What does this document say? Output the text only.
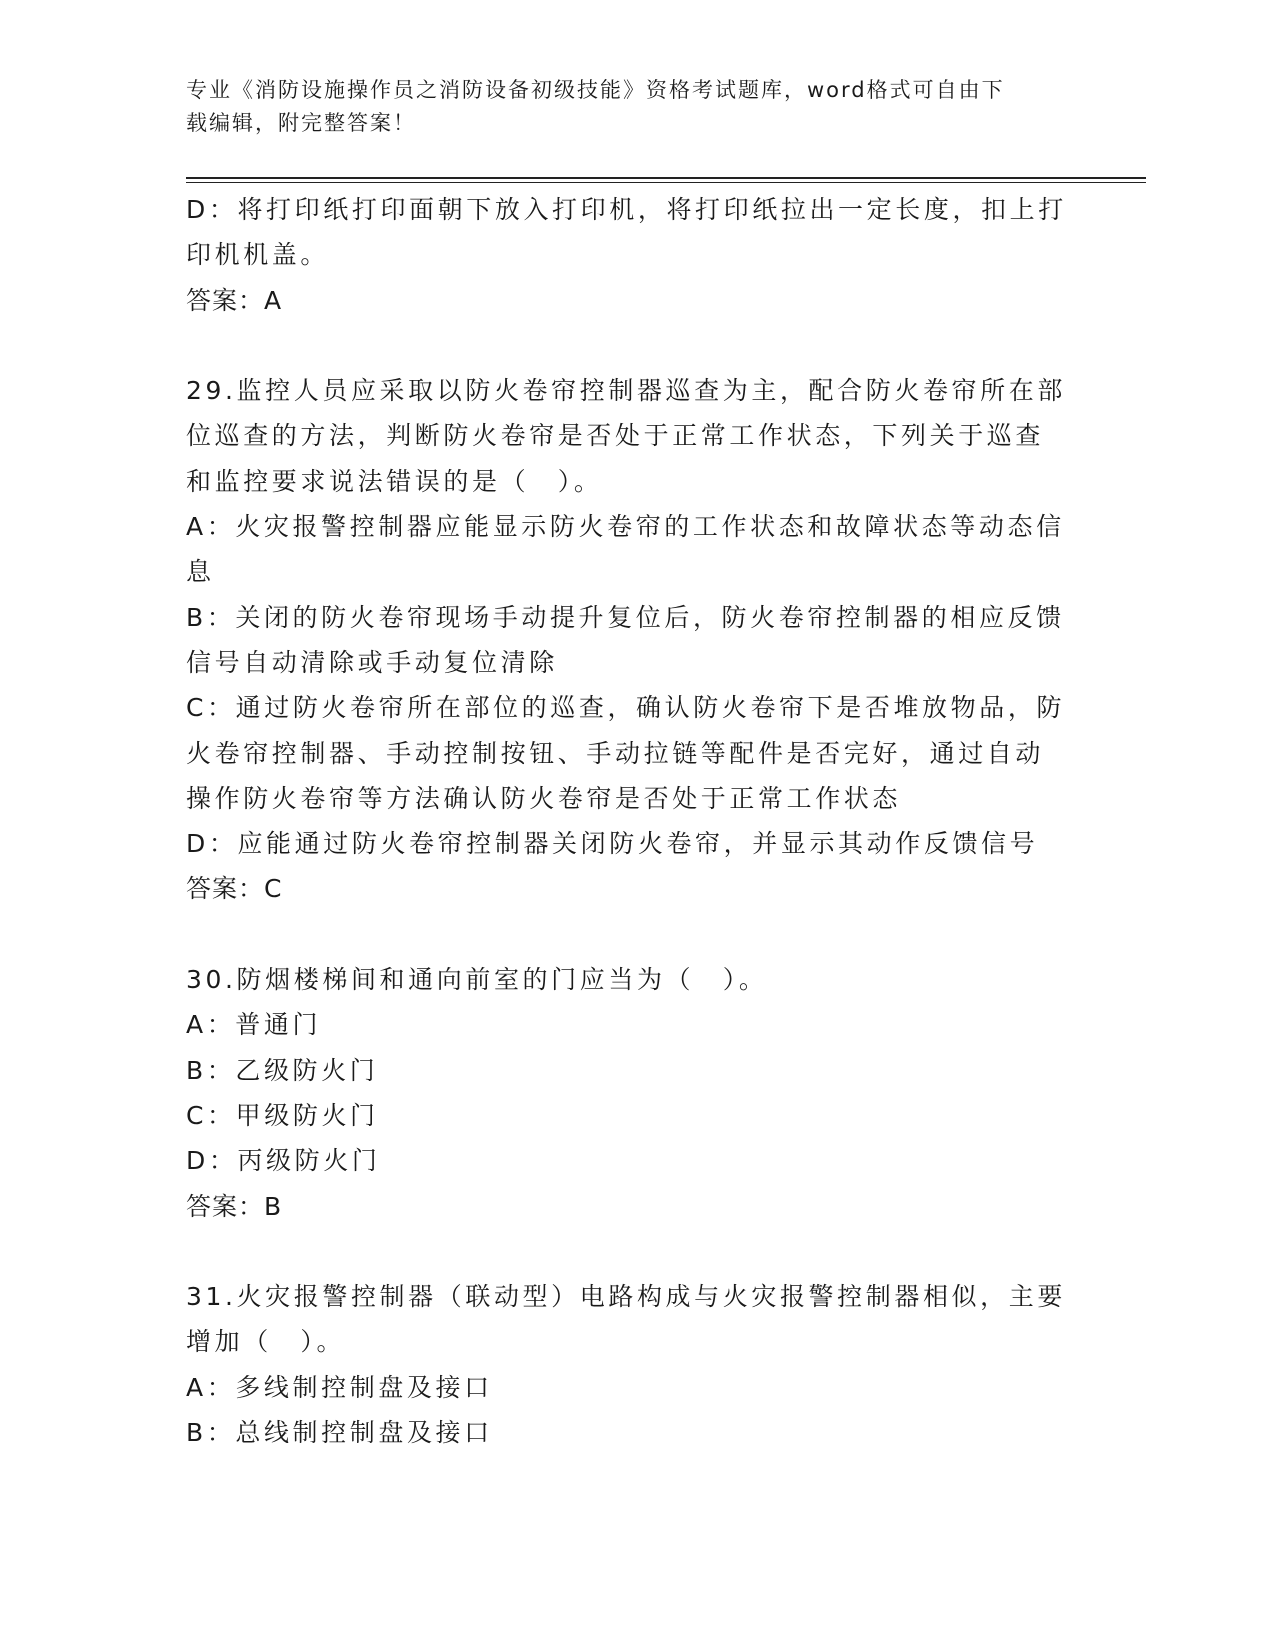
专业《消防设施操作员之消防设备初级技能》资格考试题库，word格式可自由下
载编辑，附完整答案！
D：将打印纸打印面朝下放入打印机，将打印纸拉出一定长度，扣上打
印机机盖。
答案：A
29.监控人员应采取以防火卷帘控制器巡查为主，配合防火卷帘所在部
位巡查的方法，判断防火卷帘是否处于正常工作状态，下列关于巡查
和监控要求说法错误的是（　）。
A：火灾报警控制器应能显示防火卷帘的工作状态和故障状态等动态信
息
B：关闭的防火卷帘现场手动提升复位后，防火卷帘控制器的相应反馈
信号自动清除或手动复位清除
C：通过防火卷帘所在部位的巡查，确认防火卷帘下是否堆放物品，防
火卷帘控制器、手动控制按钮、手动拉链等配件是否完好，通过自动
操作防火卷帘等方法确认防火卷帘是否处于正常工作状态
D：应能通过防火卷帘控制器关闭防火卷帘，并显示其动作反馈信号
答案：C
30.防烟楼梯间和通向前室的门应当为（　）。
A：普通门
B：乙级防火门
C：甲级防火门
D：丙级防火门
答案：B
31.火灾报警控制器（联动型）电路构成与火灾报警控制器相似，主要
增加（　）。
A：多线制控制盘及接口
B：总线制控制盘及接口
